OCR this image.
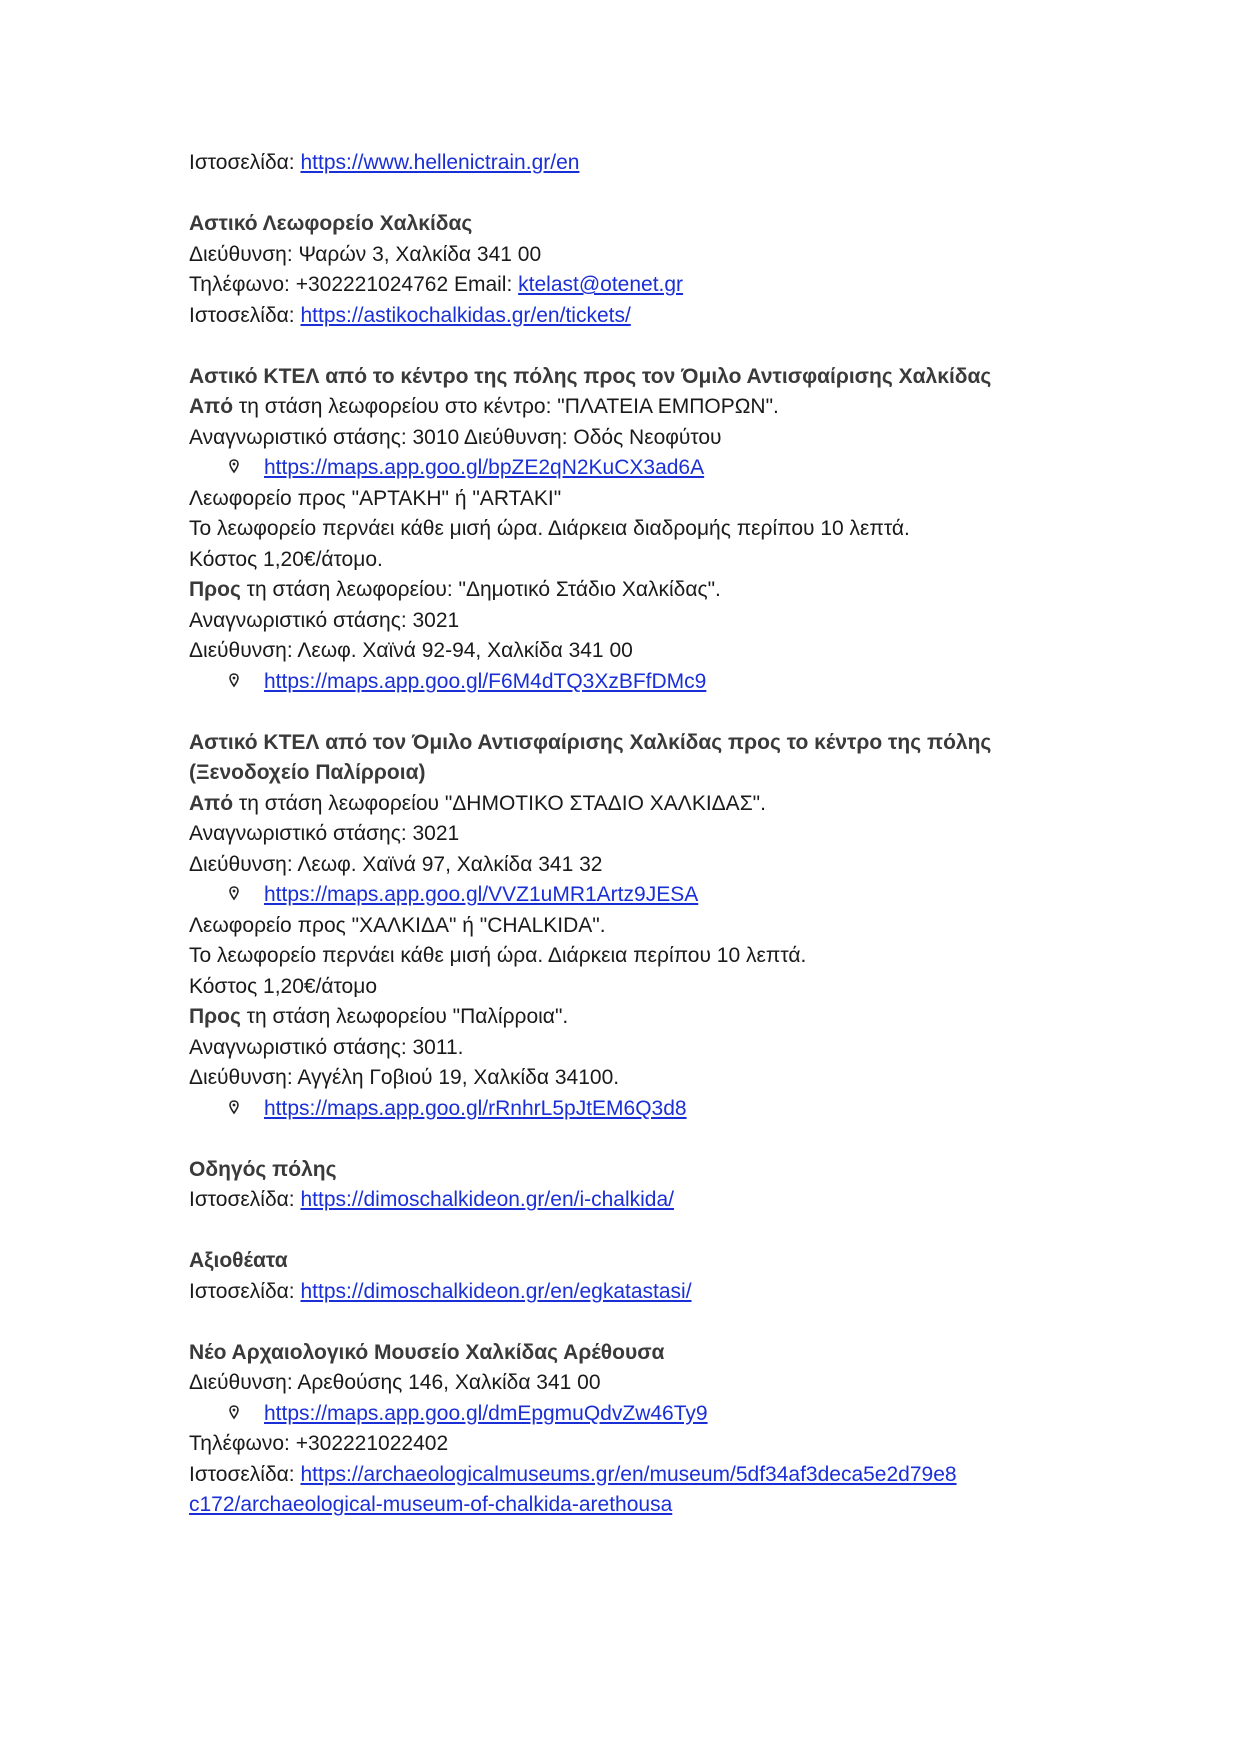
Ιστοσελίδα: https://www.hellenictrain.gr/en
Αστικό Λεωφορείο Χαλκίδας
Διεύθυνση: Ψαρών 3, Χαλκίδα 341 00
Τηλέφωνο: +302221024762 Email: ktelast@otenet.gr
Ιστοσελίδα: https://astikochalkidas.gr/en/tickets/
Αστικό ΚΤΕΛ από το κέντρο της πόλης προς τον Όμιλο Αντισφαίρισης Χαλκίδας
Από τη στάση λεωφορείου στο κέντρο: "ΠΛΑΤΕΙΑ ΕΜΠΟΡΩΝ".
Αναγνωριστικό στάσης: 3010 Διεύθυνση: Οδός Νεοφύτου
https://maps.app.goo.gl/bpZE2qN2KuCX3ad6A
Λεωφορείο προς "ΑΡΤΑΚΗ" ή "ARTAKI"
Το λεωφορείο περνάει κάθε μισή ώρα. Διάρκεια διαδρομής περίπου 10 λεπτά.
Κόστος 1,20€/άτομο.
Προς τη στάση λεωφορείου: "Δημοτικό Στάδιο Χαλκίδας".
Αναγνωριστικό στάσης: 3021
Διεύθυνση: Λεωφ. Χαϊνά 92-94, Χαλκίδα 341 00
https://maps.app.goo.gl/F6M4dTQ3XzBFfDMc9
Αστικό ΚΤΕΛ από τον Όμιλο Αντισφαίρισης Χαλκίδας προς το κέντρο της πόλης
(Ξενοδοχείο Παλίρροια)
Από τη στάση λεωφορείου "ΔΗΜΟΤΙΚΟ ΣΤΑΔΙΟ ΧΑΛΚΙΔΑΣ".
Αναγνωριστικό στάσης: 3021
Διεύθυνση: Λεωφ. Χαϊνά 97, Χαλκίδα 341 32
https://maps.app.goo.gl/VVZ1uMR1Artz9JESA
Λεωφορείο προς "ΧΑΛΚΙΔΑ" ή "CHALKIDA".
Το λεωφορείο περνάει κάθε μισή ώρα. Διάρκεια περίπου 10 λεπτά.
Κόστος 1,20€/άτομο
Προς τη στάση λεωφορείου "Παλίρροια".
Αναγνωριστικό στάσης: 3011.
Διεύθυνση: Αγγέλη Γοβιού 19, Χαλκίδα 34100.
https://maps.app.goo.gl/rRnhrL5pJtEM6Q3d8
Οδηγός πόλης
Ιστοσελίδα: https://dimoschalkideon.gr/en/i-chalkida/
Αξιοθέατα
Ιστοσελίδα: https://dimoschalkideon.gr/en/egkatastasi/
Νέο Αρχαιολογικό Μουσείο Χαλκίδας Αρέθουσα
Διεύθυνση: Αρεθούσης 146, Χαλκίδα 341 00
https://maps.app.goo.gl/dmEpgmuQdvZw46Ty9
Τηλέφωνο: +302221022402
Ιστοσελίδα: https://archaeologicalmuseums.gr/en/museum/5df34af3deca5e2d79e8
c172/archaeological-museum-of-chalkida-arethousa
